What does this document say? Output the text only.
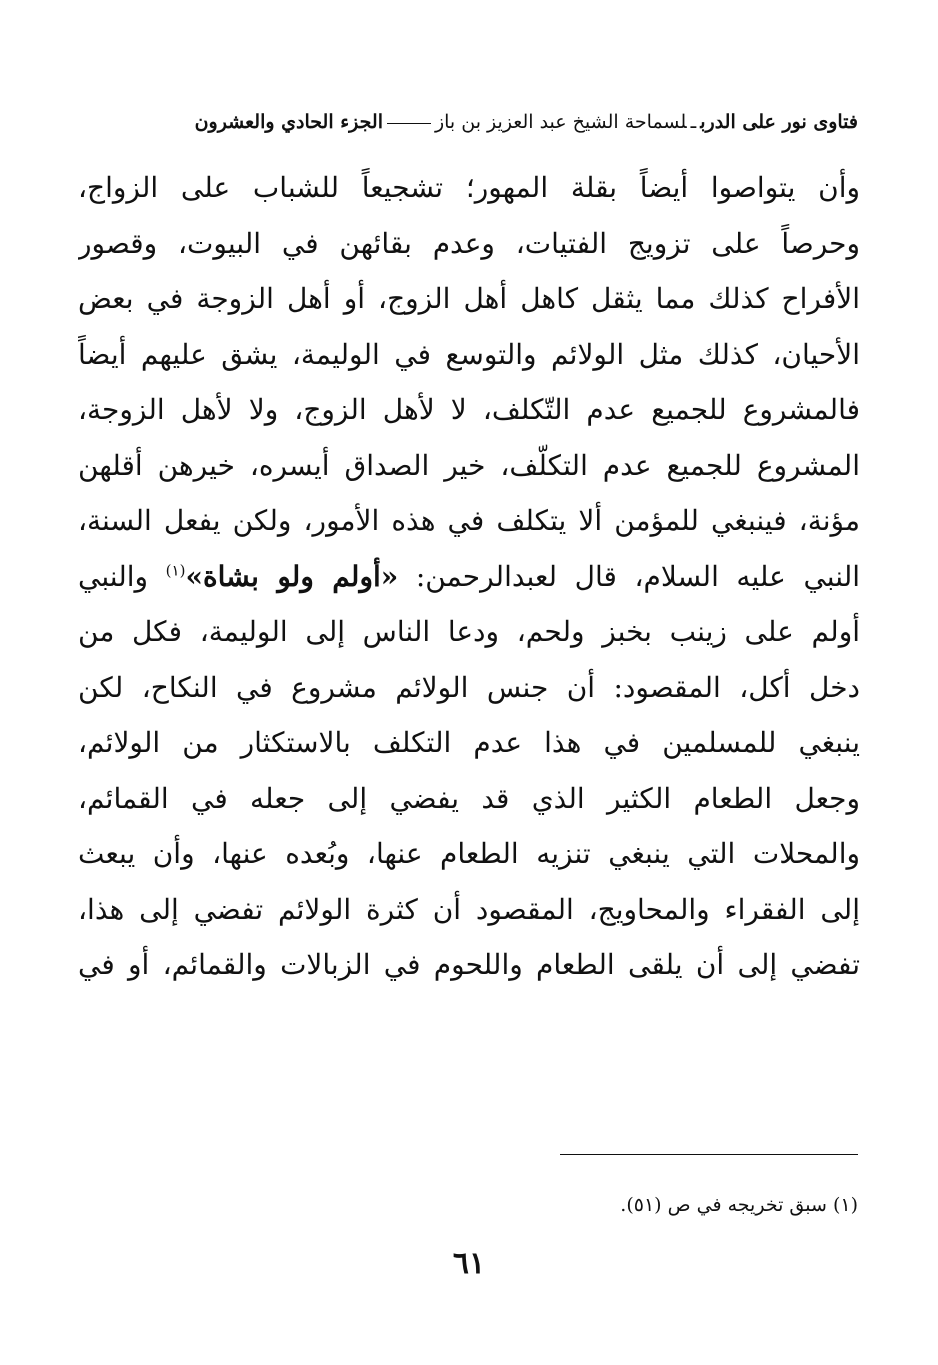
فتاوى نور على الدربـلسماحة الشيخ عبد العزيز بن بازالجزء الحادي والعشرون
وأن يتواصوا أيضاً بقلة المهور؛ تشجيعاً للشباب على الزواج،
وحرصاً على تزويج الفتيات، وعدم بقائهن في البيوت، وقصور
الأفراح كذلك مما يثقل كاهل أهل الزوج، أو أهل الزوجة في بعض
الأحيان، كذلك مثل الولائم والتوسع في الوليمة، يشق عليهم أيضاً
فالمشروع للجميع عدم التّكلف، لا لأهل الزوج، ولا لأهل الزوجة،
المشروع للجميع عدم التكلّف، خير الصداق أيسره، خيرهن أقلهن
مؤنة، فينبغي للمؤمن ألا يتكلف في هذه الأمور، ولكن يفعل السنة،
النبي عليه السلام، قال لعبدالرحمن: «أولم ولو بشاة»$^{(١)}$ والنبي
أولم على زينب بخبز ولحم، ودعا الناس إلى الوليمة، فكل من
دخل أكل، المقصود: أن جنس الولائم مشروع في النكاح، لكن
ينبغي للمسلمين في هذا عدم التكلف بالاستكثار من الولائم،
وجعل الطعام الكثير الذي قد يفضي إلى جعله في القمائم،
والمحلات التي ينبغي تنزيه الطعام عنها، وبُعده عنها، وأن يبعث
إلى الفقراء والمحاويج، المقصود أن كثرة الولائم تفضي إلى هذا،
تفضي إلى أن يلقى الطعام واللحوم في الزبالات والقمائم، أو في
(١) سبق تخريجه في ص (٥١).
٦١
